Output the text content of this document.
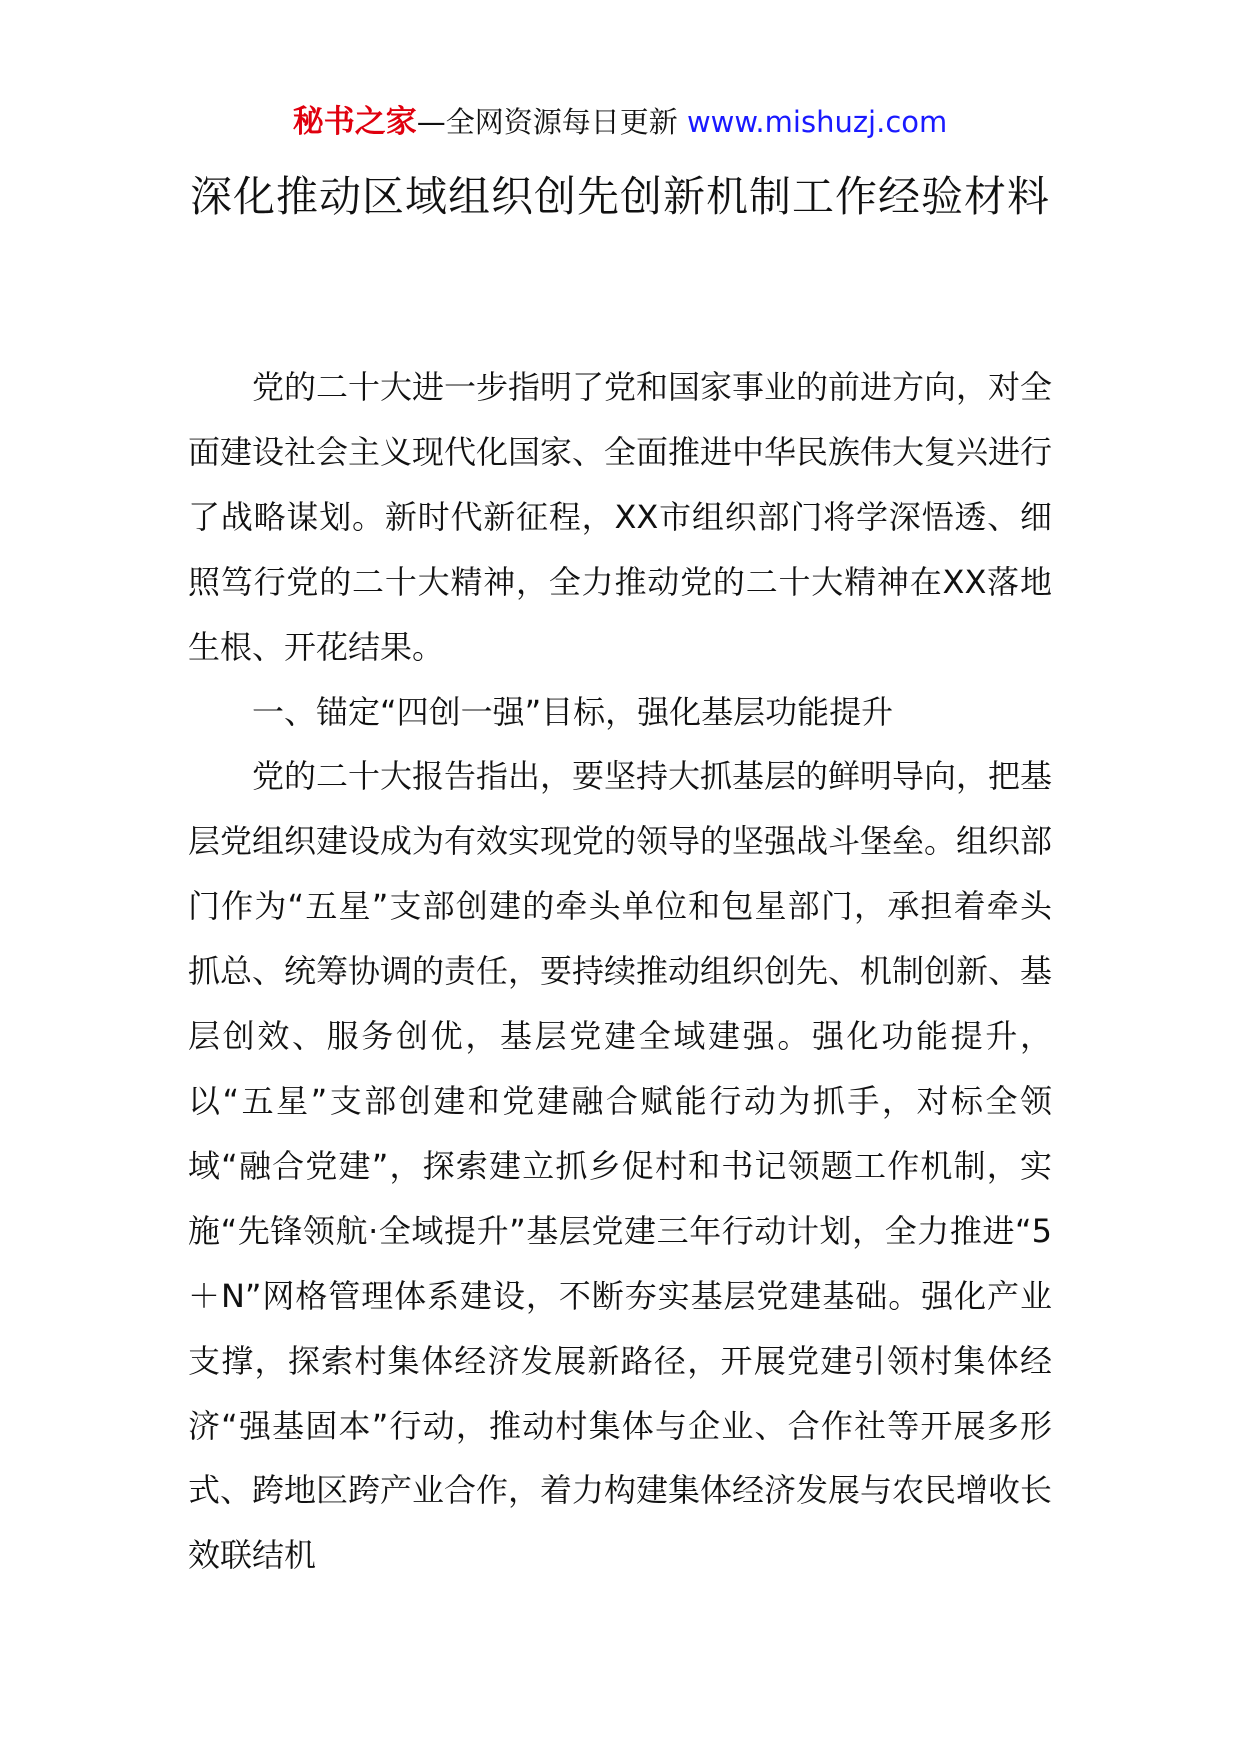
秘书之家—全网资源每日更新 www.mishuzj.com
深化推动区域组织创先创新机制工作经验材料

党的二十大进一步指明了党和国家事业的前进方向，对全面建设社会主义现代化国家、全面推进中华民族伟大复兴进行了战略谋划。新时代新征程，XX市组织部门将学深悟透、细照笃行党的二十大精神，全力推动党的二十大精神在XX落地生根、开花结果。

一、锚定“四创一强”目标，强化基层功能提升

党的二十大报告指出，要坚持大抓基层的鲜明导向，把基层党组织建设成为有效实现党的领导的坚强战斗堡垒。组织部门作为“五星”支部创建的牵头单位和包星部门，承担着牵头抓总、统筹协调的责任，要持续推动组织创先、机制创新、基层创效、服务创优，基层党建全域建强。强化功能提升，以“五星”支部创建和党建融合赋能行动为抓手，对标全领域“融合党建”，探索建立抓乡促村和书记领题工作机制，实施“先锋领航·全域提升”基层党建三年行动计划，全力推进“5＋N”网格管理体系建设，不断夯实基层党建基础。强化产业支撑，探索村集体经济发展新路径，开展党建引领村集体经济“强基固本”行动，推动村集体与企业、合作社等开展多形式、跨地区跨产业合作，着力构建集体经济发展与农民增收长效联结机
